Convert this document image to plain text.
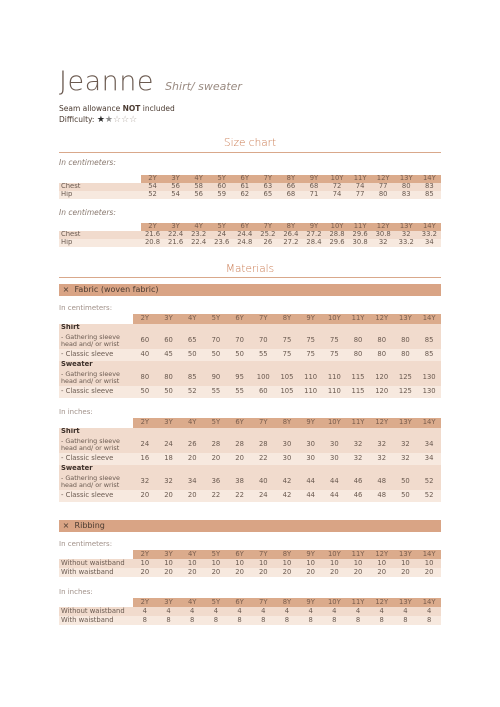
Jeanne Shirt/ sweater
Seam allowance NOT included
Difficulty: ★★☆☆☆
Size chart
In centimeters:
	2Y	3Y	4Y	5Y	6Y	7Y	8Y	9Y	10Y	11Y	12Y	13Y	14Y
Chest	54	56	58	60	61	63	66	68	72	74	77	80	83
Hip	52	54	56	59	62	65	68	71	74	77	80	83	85
In centimeters:
	2Y	3Y	4Y	5Y	6Y	7Y	8Y	9Y	10Y	11Y	12Y	13Y	14Y
Chest	21.6	22.4	23.2	24	24.4	25.2	26.4	27.2	28.8	29.6	30.8	32	33.2
Hip	20.8	21.6	22.4	23.6	24.8	26	27.2	28.4	29.6	30.8	32	33.2	34
Materials
× Fabric (woven fabric)
In centimeters:
	2Y	3Y	4Y	5Y	6Y	7Y	8Y	9Y	10Y	11Y	12Y	13Y	14Y
Shirt													
- Gathering sleeve head and/ or wrist	60	60	65	70	70	70	75	75	75	80	80	80	85
- Classic sleeve	40	45	50	50	50	55	75	75	75	80	80	80	85
Sweater													
- Gathering sleeve head and/ or wrist	80	80	85	90	95	100	105	110	110	115	120	125	130
- Classic sleeve	50	50	52	55	55	60	105	110	110	115	120	125	130
In inches:
	2Y	3Y	4Y	5Y	6Y	7Y	8Y	9Y	10Y	11Y	12Y	13Y	14Y
Shirt													
- Gathering sleeve head and/ or wrist	24	24	26	28	28	28	30	30	30	32	32	32	34
- Classic sleeve	16	18	20	20	20	22	30	30	30	32	32	32	34
Sweater													
- Gathering sleeve head and/ or wrist	32	32	34	36	38	40	42	44	44	46	48	50	52
- Classic sleeve	20	20	20	22	22	24	42	44	44	46	48	50	52
× Ribbing
In centimeters:
	2Y	3Y	4Y	5Y	6Y	7Y	8Y	9Y	10Y	11Y	12Y	13Y	14Y
Without waistband	10	10	10	10	10	10	10	10	10	10	10	10	10
With waistband	20	20	20	20	20	20	20	20	20	20	20	20	20
In inches:
	2Y	3Y	4Y	5Y	6Y	7Y	8Y	9Y	10Y	11Y	12Y	13Y	14Y
Without waistband	4	4	4	4	4	4	4	4	4	4	4	4	4
With waistband	8	8	8	8	8	8	8	8	8	8	8	8	8
